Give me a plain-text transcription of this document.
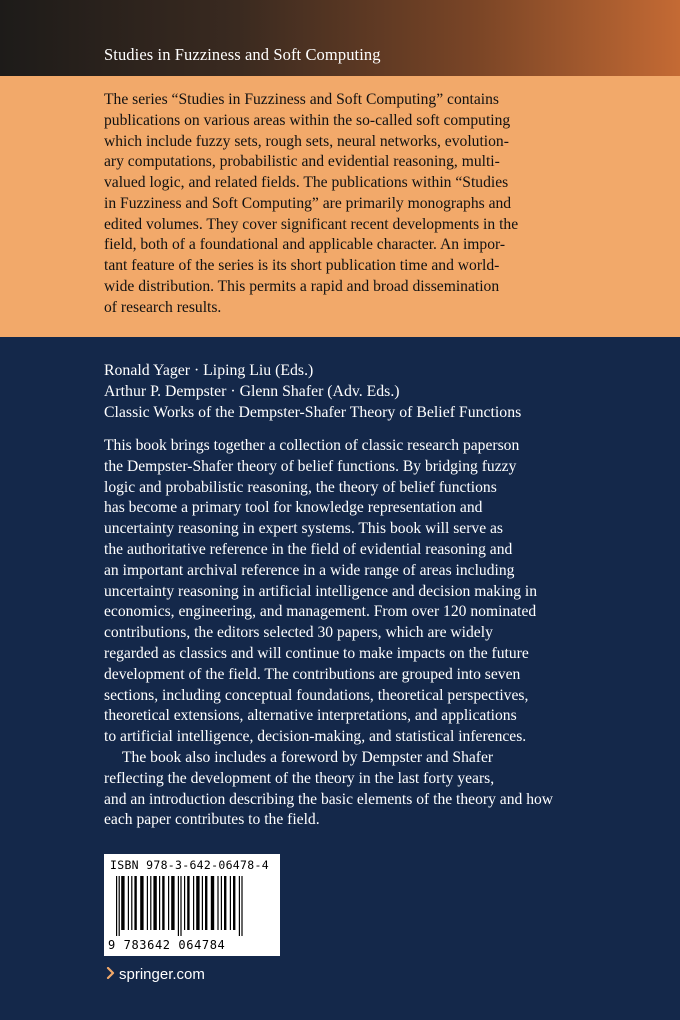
Studies in Fuzziness and Soft Computing

The series “Studies in Fuzziness and Soft Computing” contains
publications on various areas within the so-called soft computing
which include fuzzy sets, rough sets, neural networks, evolution-
ary computations, probabilistic and evidential reasoning, multi-
valued logic, and related fields. The publications within “Studies
in Fuzziness and Soft Computing” are primarily monographs and
edited volumes. They cover significant recent developments in the
field, both of a foundational and applicable character. An impor-
tant feature of the series is its short publication time and world-
wide distribution. This permits a rapid and broad dissemination
of research results.

Ronald Yager · Liping Liu (Eds.)
Arthur P. Dempster · Glenn Shafer (Adv. Eds.)
Classic Works of the Dempster-Shafer Theory of Belief Functions

This book brings together a collection of classic research paperson
the Dempster-Shafer theory of belief functions. By bridging fuzzy
logic and probabilistic reasoning, the theory of belief functions
has become a primary tool for knowledge representation and
uncertainty reasoning in expert systems. This book will serve as
the authoritative reference in the field of evidential reasoning and
an important archival reference in a wide range of areas including
uncertainty reasoning in artificial intelligence and decision making in
economics, engineering, and management. From over 120 nominated
contributions, the editors selected 30 papers, which are widely
regarded as classics and will continue to make impacts on the future
development of the field. The contributions are grouped into seven
sections, including conceptual foundations, theoretical perspectives,
theoretical extensions, alternative interpretations, and applications
to artificial intelligence, decision-making, and statistical inferences.
The book also includes a foreword by Dempster and Shafer
reflecting the development of the theory in the last forty years,
and an introduction describing the basic elements of the theory and how
each paper contributes to the field.

ISBN 978-3-642-06478-4
9 783642 064784
springer.com
